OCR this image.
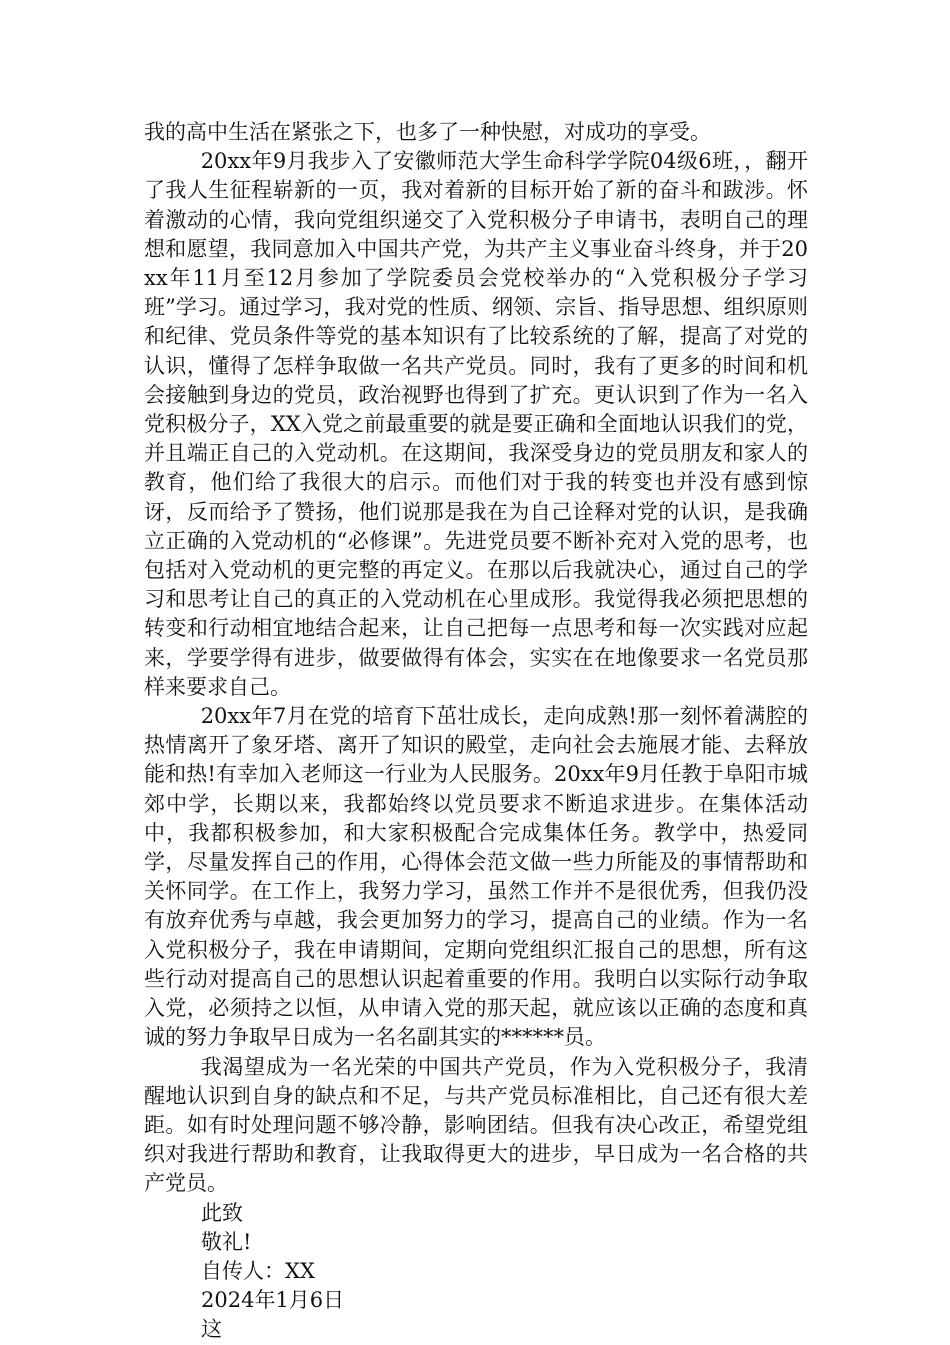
我的高中生活在紧张之下，也多了一种快慰，对成功的享受。

20xx年9月我步入了安徽师范大学生命科学学院04级6班，，翻开了我人生征程崭新的一页，我对着新的目标开始了新的奋斗和跋涉。怀着激动的心情，我向党组织递交了入党积极分子申请书，表明自己的理想和愿望，我同意加入中国共产党，为共产主义事业奋斗终身，并于20xx年11月至12月参加了学院委员会党校举办的“入党积极分子学习班”学习。通过学习，我对党的性质、纲领、宗旨、指导思想、组织原则和纪律、党员条件等党的基本知识有了比较系统的了解，提高了对党的认识，懂得了怎样争取做一名共产党员。同时，我有了更多的时间和机会接触到身边的党员，政治视野也得到了扩充。更认识到了作为一名入党积极分子，XX入党之前最重要的就是要正确和全面地认识我们的党，并且端正自己的入党动机。在这期间，我深受身边的党员朋友和家人的教育，他们给了我很大的启示。而他们对于我的转变也并没有感到惊讶，反而给予了赞扬，他们说那是我在为自己诠释对党的认识，是我确立正确的入党动机的“必修课”。先进党员要不断补充对入党的思考，也包括对入党动机的更完整的再定义。在那以后我就决心，通过自己的学习和思考让自己的真正的入党动机在心里成形。我觉得我必须把思想的转变和行动相宜地结合起来，让自己把每一点思考和每一次实践对应起来，学要学得有进步，做要做得有体会，实实在在地像要求一名党员那样来要求自己。

20xx年7月在党的培育下茁壮成长，走向成熟!那一刻怀着满腔的热情离开了象牙塔、离开了知识的殿堂，走向社会去施展才能、去释放能和热!有幸加入老师这一行业为人民服务。20xx年9月任教于阜阳市城郊中学，长期以来，我都始终以党员要求不断追求进步。在集体活动中，我都积极参加，和大家积极配合完成集体任务。教学中，热爱同学，尽量发挥自己的作用，心得体会范文做一些力所能及的事情帮助和关怀同学。在工作上，我努力学习，虽然工作并不是很优秀，但我仍没有放弃优秀与卓越，我会更加努力的学习，提高自己的业绩。作为一名入党积极分子，我在申请期间，定期向党组织汇报自己的思想，所有这些行动对提高自己的思想认识起着重要的作用。我明白以实际行动争取入党，必须持之以恒，从申请入党的那天起，就应该以正确的态度和真诚的努力争取早日成为一名名副其实的******员。

我渴望成为一名光荣的中国共产党员，作为入党积极分子，我清醒地认识到自身的缺点和不足，与共产党员标准相比，自己还有很大差距。如有时处理问题不够冷静，影响团结。但我有决心改正，希望党组织对我进行帮助和教育，让我取得更大的进步，早日成为一名合格的共产党员。

此致

敬礼!

自传人：XX

2024年1月6日

这
